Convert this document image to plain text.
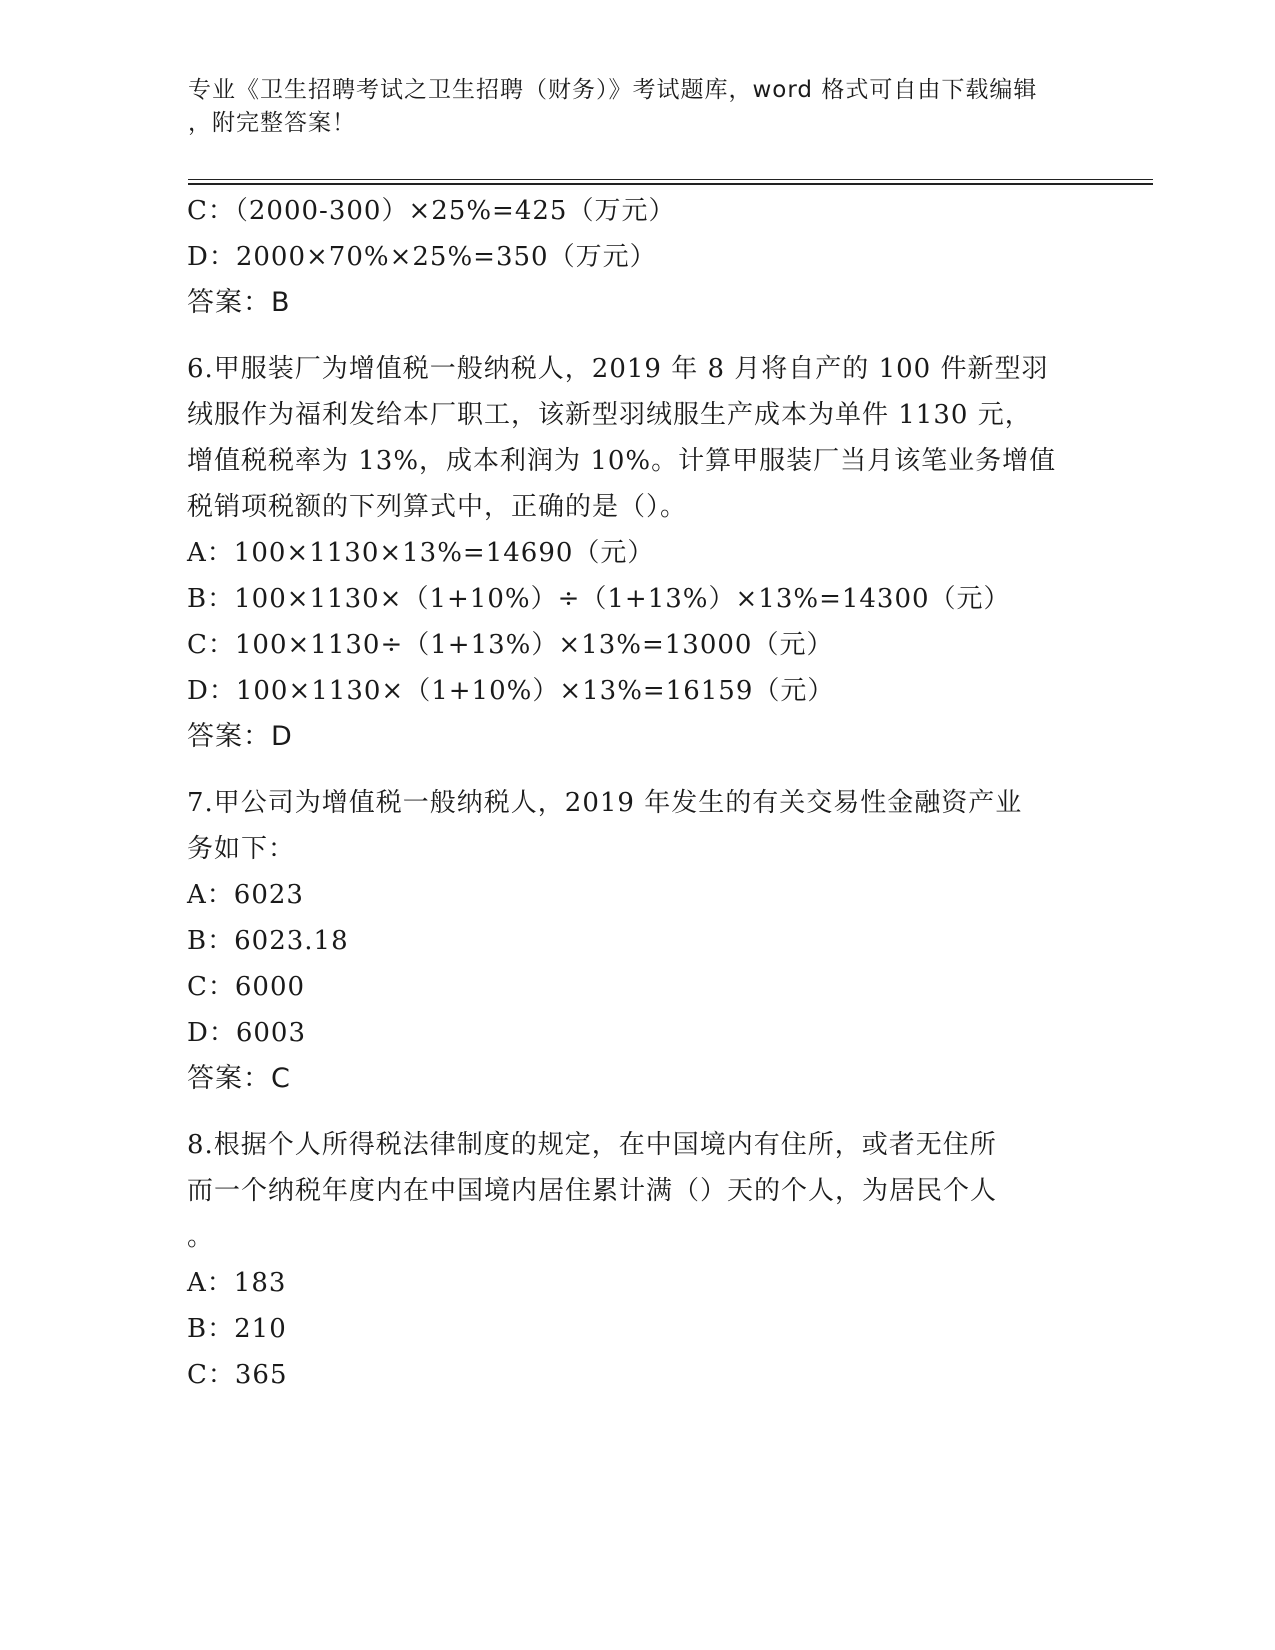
专业《卫生招聘考试之卫生招聘（财务）》考试题库，word 格式可自由下载编辑
，附完整答案！
C：（2000-300）×25%=425（万元）
D：2000×70%×25%=350（万元）
答案：B
6.甲服装厂为增值税一般纳税人，2019 年 8 月将自产的 100 件新型羽
绒服作为福利发给本厂职工，该新型羽绒服生产成本为单件 1130 元，
增值税税率为 13%，成本利润为 10%。计算甲服装厂当月该笔业务增值
税销项税额的下列算式中，正确的是（）。
A：100×1130×13%=14690（元）
B：100×1130×（1+10%）÷（1+13%）×13%=14300（元）
C：100×1130÷（1+13%）×13%=13000（元）
D：100×1130×（1+10%）×13%=16159（元）
答案：D
7.甲公司为增值税一般纳税人，2019 年发生的有关交易性金融资产业
务如下：
A：6023
B：6023.18
C：6000
D：6003
答案：C
8.根据个人所得税法律制度的规定，在中国境内有住所，或者无住所
而一个纳税年度内在中国境内居住累计满（）天的个人，为居民个人
。
A：183
B：210
C：365
